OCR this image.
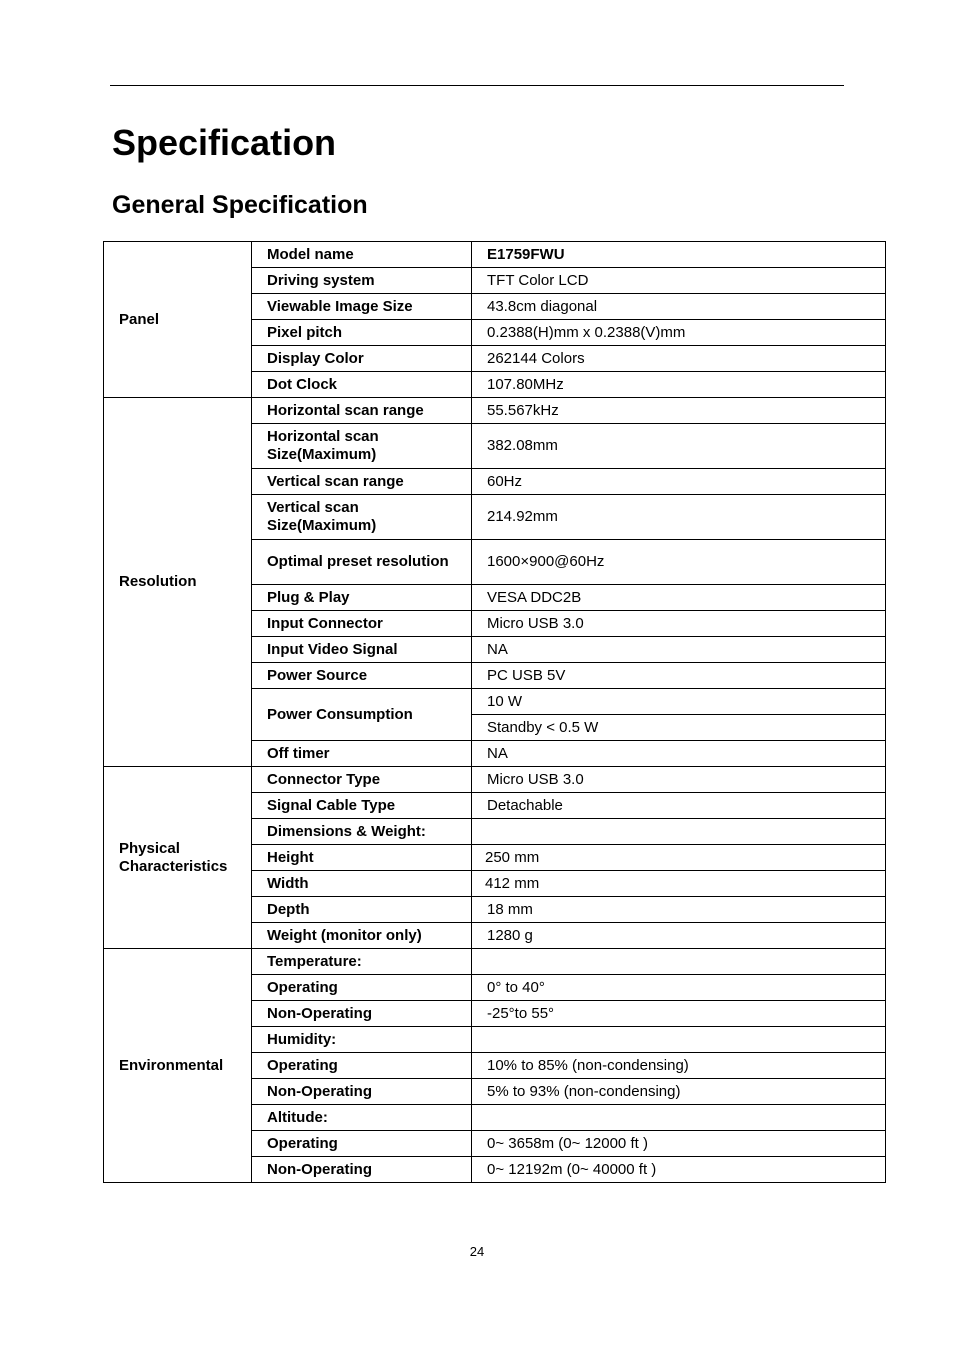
Specification
General Specification
Panel	Model name	E1759FWU
	Driving system	TFT Color LCD
	Viewable Image Size	43.8cm diagonal
	Pixel pitch	0.2388(H)mm x 0.2388(V)mm
	Display Color	262144 Colors
	Dot Clock	107.80MHz
Resolution	Horizontal scan range	55.567kHz
	Horizontal scan Size(Maximum)	382.08mm
	Vertical scan range	60Hz
	Vertical scan Size(Maximum)	214.92mm
	Optimal preset resolution	1600×900@60Hz
	Plug & Play	VESA DDC2B
	Input Connector	Micro USB 3.0
	Input Video Signal	NA
	Power Source	PC USB 5V
	Power Consumption	10 W
		Standby < 0.5 W
	Off timer	NA
Physical Characteristics	Connector Type	Micro USB 3.0
	Signal Cable Type	Detachable
	Dimensions & Weight:	
	Height	250 mm
	Width	412 mm
	Depth	18 mm
	Weight (monitor only)	1280 g
Environmental	Temperature:	
	Operating	0° to 40°
	Non-Operating	-25°to 55°
	Humidity:	
	Operating	10% to 85% (non-condensing)
	Non-Operating	5% to 93% (non-condensing)
	Altitude:	
	Operating	0~ 3658m (0~ 12000 ft )
	Non-Operating	0~ 12192m (0~ 40000 ft )
24
